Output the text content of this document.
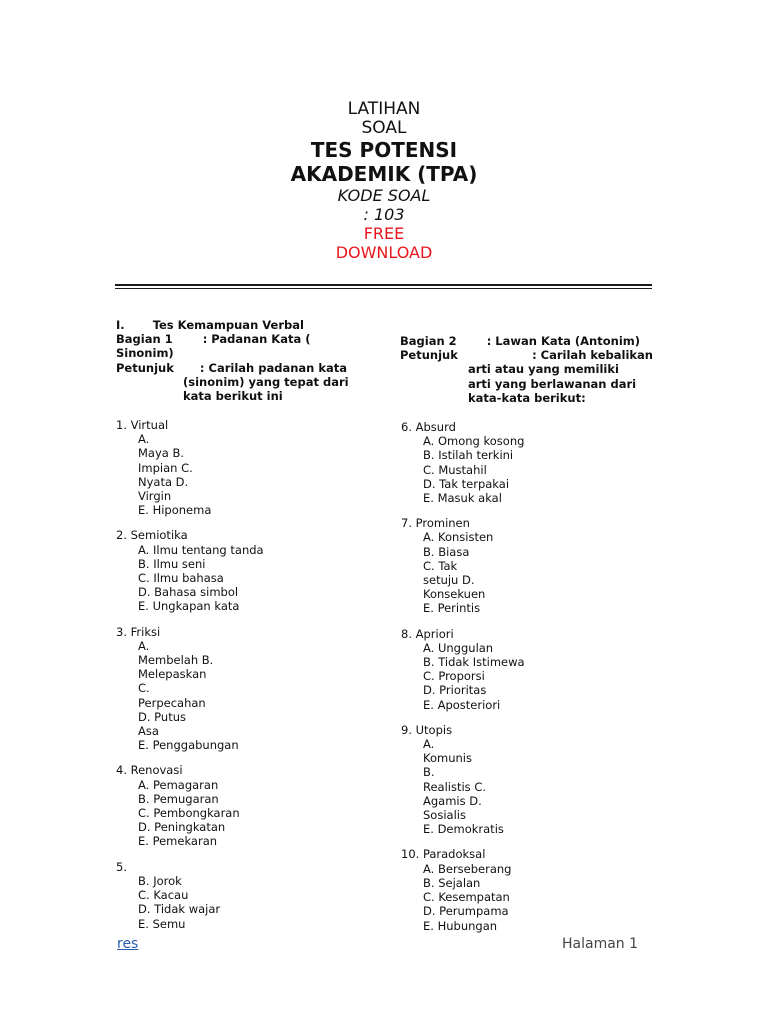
LATIHAN
SOAL
TES POTENSI
AKADEMIK (TPA)
KODE SOAL
: 103
FREE
DOWNLOAD
I. Tes Kemampuan Verbal
Bagian 1	: Padanan Kata (
Sinonim)
Petunjuk : Carilah padanan kata
(sinonim) yang tepat dari
kata berikut ini
1. Virtual
A.
Maya B.
Impian C.
Nyata D.
Virgin
E. Hiponema
2. Semiotika
A. Ilmu tentang tanda
B. Ilmu seni
C. Ilmu bahasa
D. Bahasa simbol
E. Ungkapan kata
3. Friksi
A.
Membelah B.
Melepaskan
C.
Perpecahan
D. Putus
Asa
E. Penggabungan
4. Renovasi
A. Pemagaran
B. Pemugaran
C. Pembongkaran
D. Peningkatan
E. Pemekaran
5.
B. Jorok
C. Kacau
D. Tidak wajar
E. Semu
Bagian 2	: Lawan Kata (Antonim)
Petunjuk	: Carilah kebalikan
arti atau yang memiliki
arti yang berlawanan dari
kata-kata berikut:
6. Absurd
A. Omong kosong
B. Istilah terkini
C. Mustahil
D. Tak terpakai
E. Masuk akal
7. Prominen
A. Konsisten
B. Biasa
C. Tak
setuju D.
Konsekuen
E. Perintis
8. Apriori
A. Unggulan
B. Tidak Istimewa
C. Proporsi
D. Prioritas
E. Aposteriori
9. Utopis
A.
Komunis
B.
Realistis C.
Agamis D.
Sosialis
E. Demokratis
10. Paradoksal
A. Berseberang
B. Sejalan
C. Kesempatan
D. Perumpama
E. Hubungan
res	Halaman 1
